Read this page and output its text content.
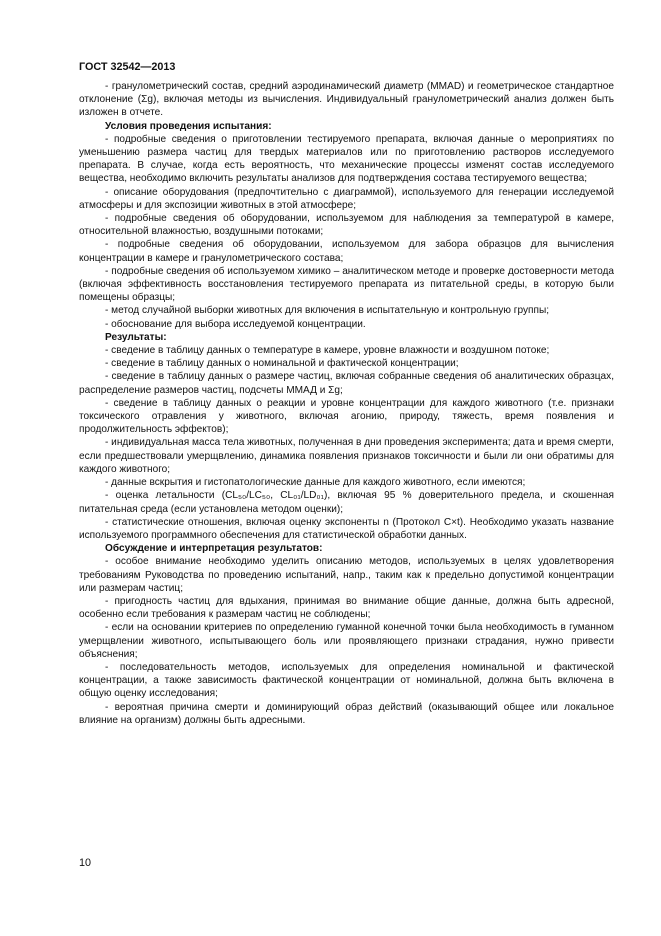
ГОСТ 32542—2013

- гранулометрический состав, средний аэродинамический диаметр (MMAD) и геометрическое стандартное отклонение (Σg), включая методы из вычисления. Индивидуальный гранулометрический анализ должен быть изложен в отчете.

Условия проведения испытания:

- подробные сведения о приготовлении тестируемого препарата, включая данные о мероприятиях по уменьшению размера частиц для твердых материалов или по приготовлению растворов исследуемого препарата. В случае, когда есть вероятность, что механические процессы изменят состав исследуемого вещества, необходимо включить результаты анализов для подтверждения состава тестируемого вещества;

- описание оборудования (предпочтительно с диаграммой), используемого для генерации исследуемой атмосферы и для экспозиции животных в этой атмосфере;

- подробные сведения об оборудовании, используемом для наблюдения за температурой в камере, относительной влажностью, воздушными потоками;

- подробные сведения об оборудовании, используемом для забора образцов для вычисления концентрации в камере и гранулометрического состава;

- подробные сведения об используемом химико – аналитическом методе и проверке достоверности метода (включая эффективность восстановления тестируемого препарата из питательной среды, в которую были помещены образцы;

- метод случайной выборки животных для включения в испытательную и контрольную группы;

- обоснование для выбора исследуемой концентрации.

Результаты:

- сведение в таблицу данных о температуре в камере, уровне влажности и воздушном потоке;

- сведение в таблицу данных о номинальной и фактической концентрации;

- сведение в таблицу данных о размере частиц, включая собранные сведения об аналитических образцах, распределение размеров частиц, подсчеты ММАД и Σg;

- сведение в таблицу данных о реакции и уровне концентрации для каждого животного (т.е. признаки токсического отравления у животного, включая агонию, природу, тяжесть, время появления и продолжительность эффектов);

- индивидуальная масса тела животных, полученная в дни проведения эксперимента; дата и время смерти, если предшествовали умерщвлению, динамика появления признаков токсичности и были ли они обратимы для каждого животного;

- данные вскрытия и гистопатологические данные для каждого животного, если имеются;

- оценка летальности (CL₅₀/LC₅₀, CL₀₁/LD₀₁), включая 95 % доверительного предела, и скошенная питательная среда (если установлена методом оценки);

- статистические отношения, включая оценку экспоненты n (Протокол C×t). Необходимо указать название используемого программного обеспечения для статистической обработки данных.

Обсуждение и интерпретация результатов:

- особое внимание необходимо уделить описанию методов, используемых в целях удовлетворения требованиям Руководства по проведению испытаний, напр., таким как к предельно допустимой концентрации или размерам частиц;

- пригодность частиц для вдыхания, принимая во внимание общие данные, должна быть адресной, особенно если требования к размерам частиц не соблюдены;

- если на основании критериев по определению гуманной конечной точки была необходимость в гуманном умерщвлении животного, испытывающего боль или проявляющего признаки страдания, нужно привести объяснения;

- последовательность методов, используемых для определения номинальной и фактической концентрации, а также зависимость фактической концентрации от номинальной, должна быть включена в общую оценку исследования;

- вероятная причина смерти и доминирующий образ действий (оказывающий общее или локальное влияние на организм) должны быть адресными.

10
